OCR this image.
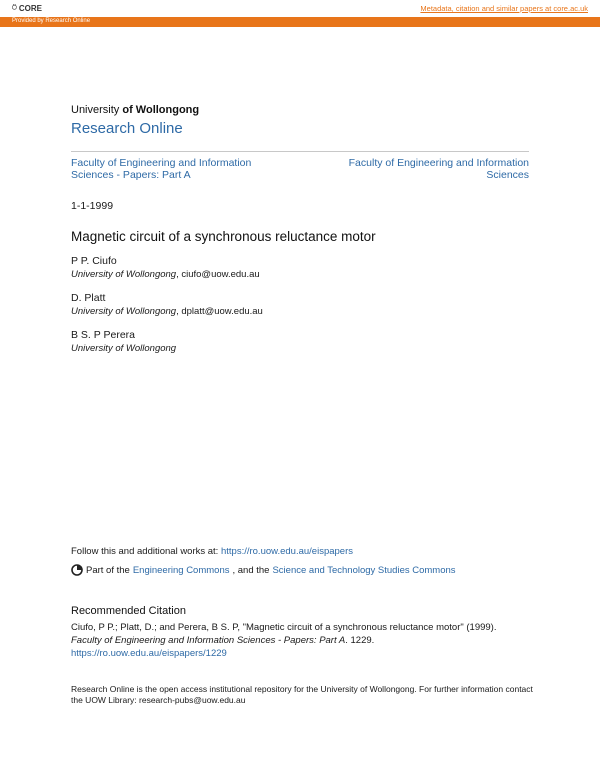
⍥ CORE	Metadata, citation and similar papers at core.ac.uk
Provided by Research Online
University of Wollongong
Research Online
Faculty of Engineering and Information
Sciences - Papers: Part A
Faculty of Engineering and Information
Sciences
1-1-1999
Magnetic circuit of a synchronous reluctance motor
P P. Ciufo
University of Wollongong, ciufo@uow.edu.au
D. Platt
University of Wollongong, dplatt@uow.edu.au
B S. P Perera
University of Wollongong
Follow this and additional works at: https://ro.uow.edu.au/eispapers
Part of the Engineering Commons , and the Science and Technology Studies Commons
Recommended Citation
Ciufo, P P.; Platt, D.; and Perera, B S. P, "Magnetic circuit of a synchronous reluctance motor" (1999).
Faculty of Engineering and Information Sciences - Papers: Part A. 1229.
https://ro.uow.edu.au/eispapers/1229
Research Online is the open access institutional repository for the University of Wollongong. For further information contact the UOW Library: research-pubs@uow.edu.au
